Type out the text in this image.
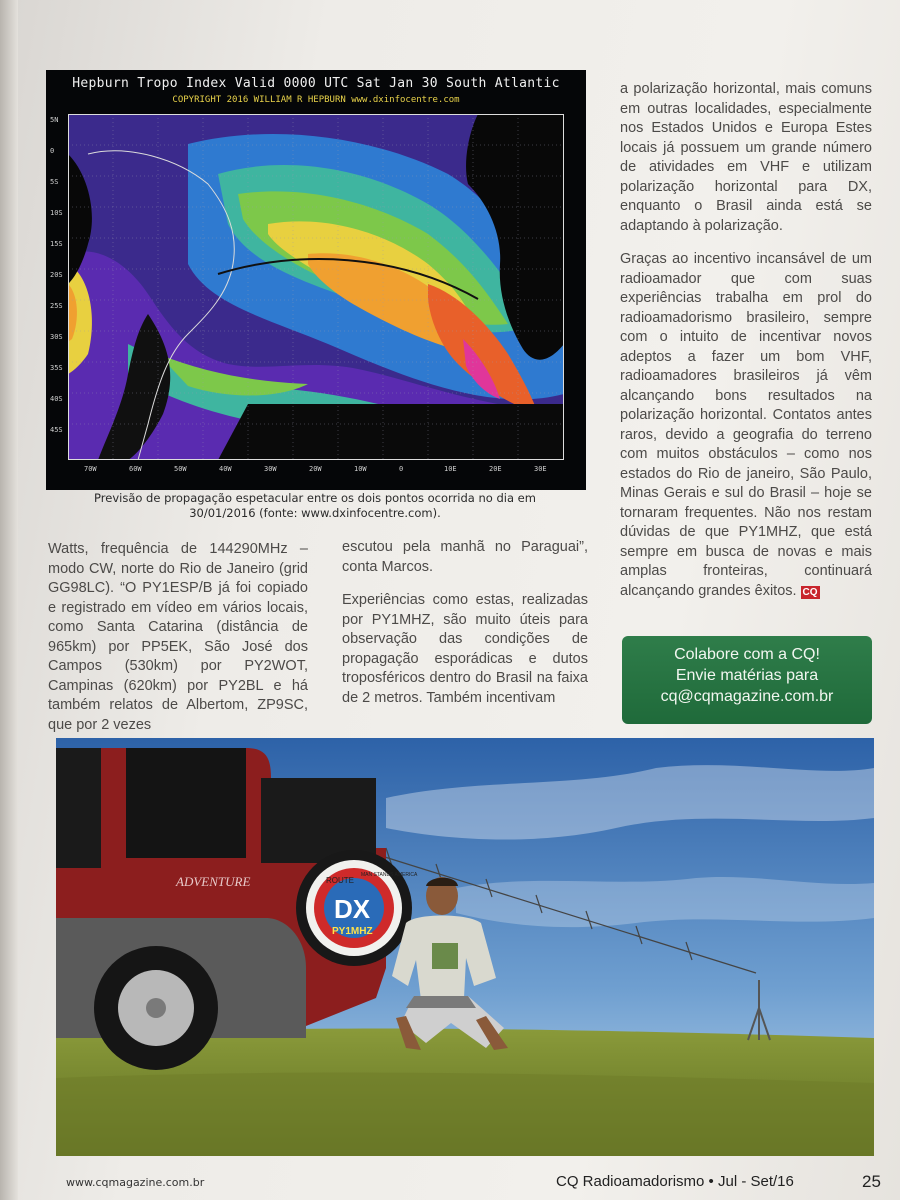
Hepburn Tropo Index Valid 0000 UTC Sat Jan 30 South Atlantic
COPYRIGHT 2016 WILLIAM R HEPBURN www.dxinfocentre.com
5N
0
5S
10S
15S
20S
25S
30S
35S
40S
45S
70W	60W	50W	40W	30W	20W	10W	0	10E	20E	30E
Previsão de propagação espetacular entre os dois pontos ocorrida no dia em 30/01/2016 (fonte: www.dxinfocentre.com).

Watts, frequência de 144290MHz – modo CW, norte do Rio de Janeiro (grid GG98LC). “O PY1ESP/B já foi copiado e registrado em vídeo em vários locais, como Santa Catarina (distância de 965km) por PP5EK, São José dos Campos (530km) por PY2WOT, Campinas (620km) por PY2BL e há também relatos de Albertom, ZP9SC, que por 2 vezes

escutou pela manhã no Paraguai”, conta Marcos.

Experiências como estas, realizadas por PY1MHZ, são muito úteis para observação das condições de propagação esporádicas e dutos troposféricos dentro do Brasil na faixa de 2 metros. Também incentivam

a polarização horizontal, mais comuns em outras localidades, especialmente nos Estados Unidos e Europa Estes locais já possuem um grande número de atividades em VHF e utilizam polarização horizontal para DX, enquanto o Brasil ainda está se adaptando à polarização.

Graças ao incentivo incansável de um radioamador que com suas experiências trabalha em prol do radioamadorismo brasileiro, sempre com o intuito de incentivar novos adeptos a fazer um bom VHF, radioamadores brasileiros já vêm alcançando bons resultados na polarização horizontal. Contatos antes raros, devido a geografia do terreno com muitos obstáculos – como nos estados do Rio de janeiro, São Paulo, Minas Gerais e sul do Brasil – hoje se tornaram frequentes. Não nos restam dúvidas de que PY1MHZ, que está sempre em busca de novas e mais amplas fronteiras, continuará alcançando grandes êxitos. CQ

Colabore com a CQ!
Envie matérias para
cq@cqmagazine.com.br
ADVENTURE	ROUTE
MAN STANDS AMERICA
DX
PY1MHZ
www.cqmagazine.com.br	CQ Radioamadorismo • Jul - Set/16	25
